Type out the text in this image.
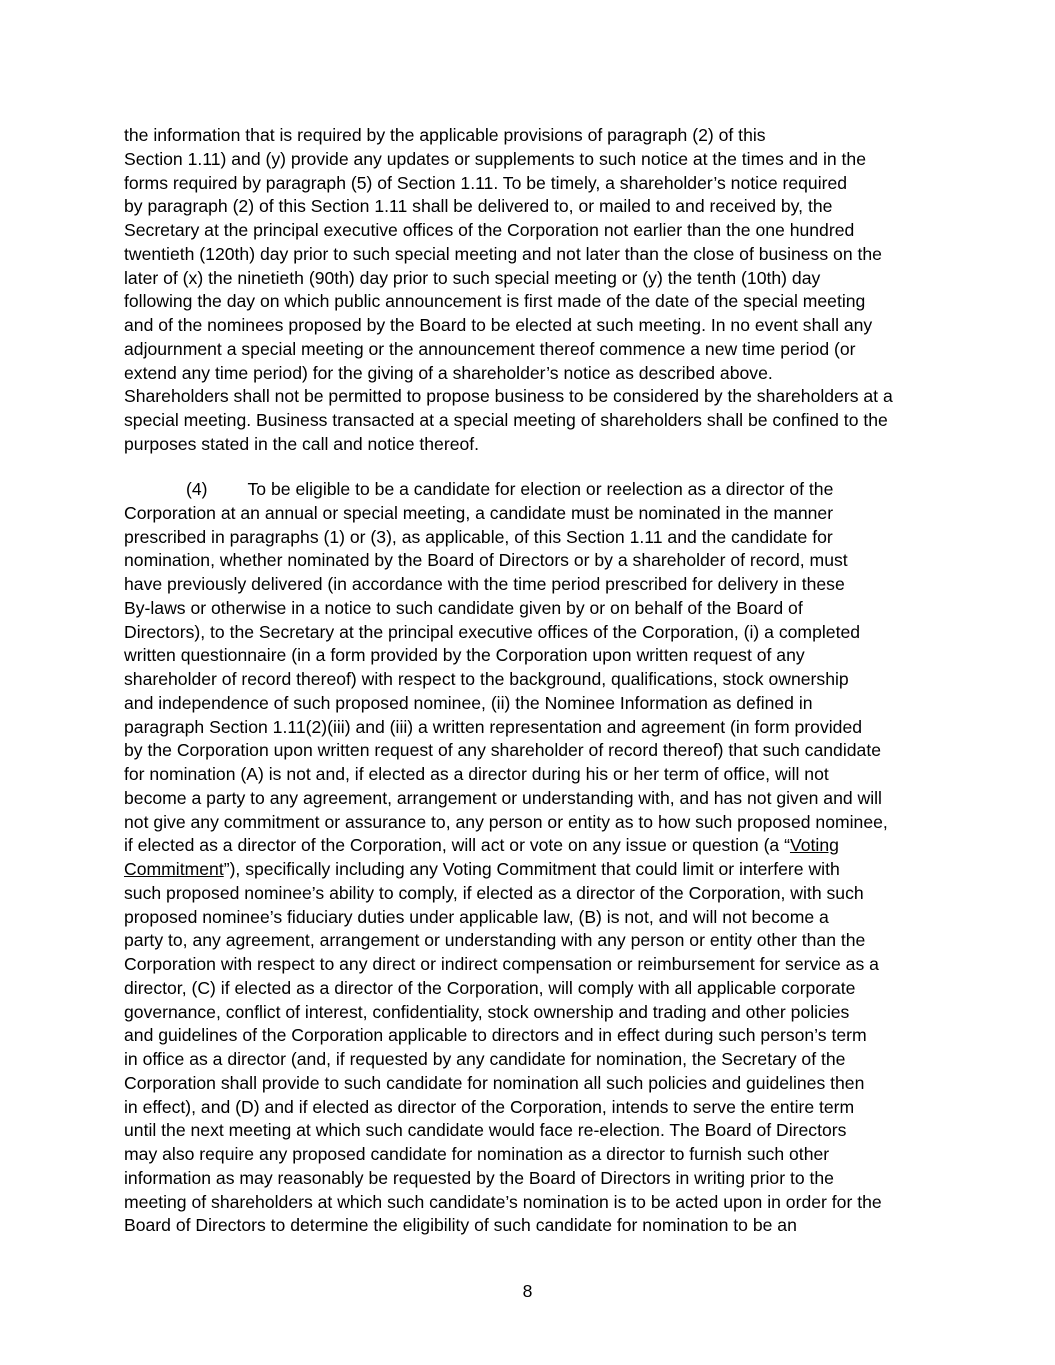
the information that is required by the applicable provisions of paragraph (2) of this
Section 1.11) and (y) provide any updates or supplements to such notice at the times and in the
forms required by paragraph (5) of Section 1.11. To be timely, a shareholder’s notice required
by paragraph (2) of this Section 1.11 shall be delivered to, or mailed to and received by, the
Secretary at the principal executive offices of the Corporation not earlier than the one hundred
twentieth (120th) day prior to such special meeting and not later than the close of business on the
later of (x) the ninetieth (90th) day prior to such special meeting or (y) the tenth (10th) day
following the day on which public announcement is first made of the date of the special meeting
and of the nominees proposed by the Board to be elected at such meeting. In no event shall any
adjournment a special meeting or the announcement thereof commence a new time period (or
extend any time period) for the giving of a shareholder’s notice as described above.
Shareholders shall not be permitted to propose business to be considered by the shareholders at a
special meeting. Business transacted at a special meeting of shareholders shall be confined to the
purposes stated in the call and notice thereof.
(4) To be eligible to be a candidate for election or reelection as a director of the
Corporation at an annual or special meeting, a candidate must be nominated in the manner
prescribed in paragraphs (1) or (3), as applicable, of this Section 1.11 and the candidate for
nomination, whether nominated by the Board of Directors or by a shareholder of record, must
have previously delivered (in accordance with the time period prescribed for delivery in these
By-laws or otherwise in a notice to such candidate given by or on behalf of the Board of
Directors), to the Secretary at the principal executive offices of the Corporation, (i) a completed
written questionnaire (in a form provided by the Corporation upon written request of any
shareholder of record thereof) with respect to the background, qualifications, stock ownership
and independence of such proposed nominee, (ii) the Nominee Information as defined in
paragraph Section 1.11(2)(iii) and (iii) a written representation and agreement (in form provided
by the Corporation upon written request of any shareholder of record thereof) that such candidate
for nomination (A) is not and, if elected as a director during his or her term of office, will not
become a party to any agreement, arrangement or understanding with, and has not given and will
not give any commitment or assurance to, any person or entity as to how such proposed nominee,
if elected as a director of the Corporation, will act or vote on any issue or question (a “Voting
Commitment”), specifically including any Voting Commitment that could limit or interfere with
such proposed nominee’s ability to comply, if elected as a director of the Corporation, with such
proposed nominee’s fiduciary duties under applicable law, (B) is not, and will not become a
party to, any agreement, arrangement or understanding with any person or entity other than the
Corporation with respect to any direct or indirect compensation or reimbursement for service as a
director, (C) if elected as a director of the Corporation, will comply with all applicable corporate
governance, conflict of interest, confidentiality, stock ownership and trading and other policies
and guidelines of the Corporation applicable to directors and in effect during such person’s term
in office as a director (and, if requested by any candidate for nomination, the Secretary of the
Corporation shall provide to such candidate for nomination all such policies and guidelines then
in effect), and (D) and if elected as director of the Corporation, intends to serve the entire term
until the next meeting at which such candidate would face re-election. The Board of Directors
may also require any proposed candidate for nomination as a director to furnish such other
information as may reasonably be requested by the Board of Directors in writing prior to the
meeting of shareholders at which such candidate’s nomination is to be acted upon in order for the
Board of Directors to determine the eligibility of such candidate for nomination to be an
8
